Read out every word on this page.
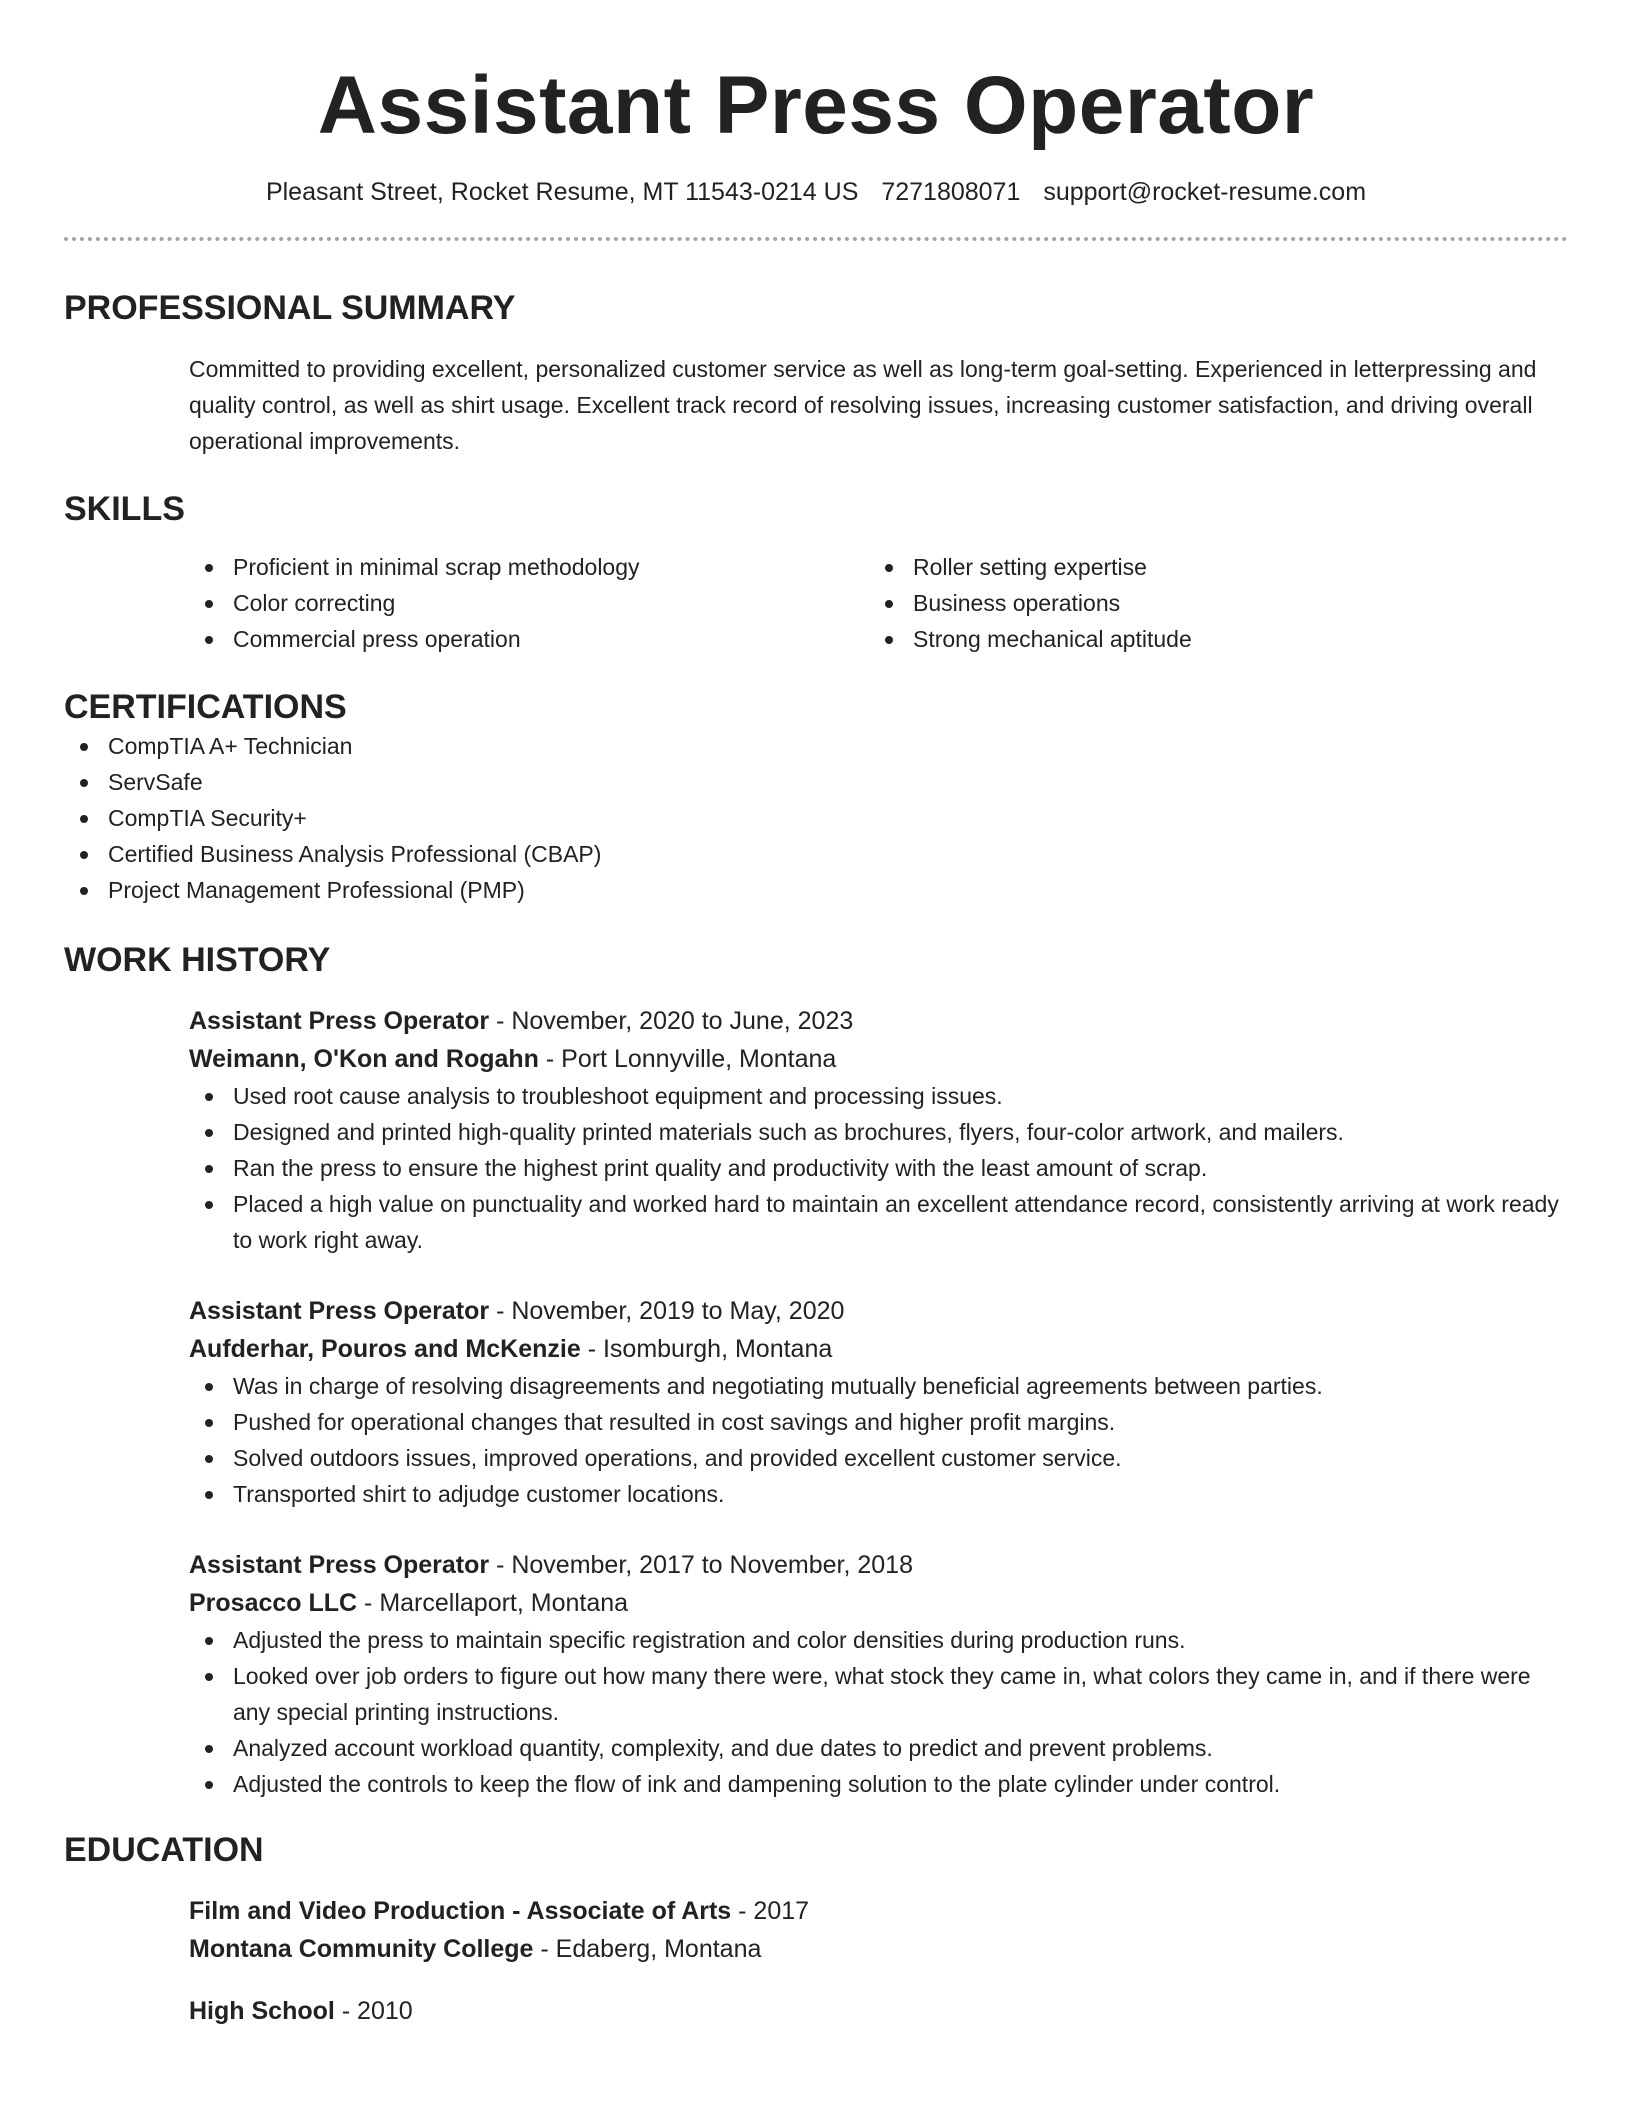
Assistant Press Operator
Pleasant Street, Rocket Resume, MT 11543-0214 US 7271808071 support@rocket-resume.com
PROFESSIONAL SUMMARY
Committed to providing excellent, personalized customer service as well as long-term goal-setting. Experienced in letterpressing and quality control, as well as shirt usage. Excellent track record of resolving issues, increasing customer satisfaction, and driving overall operational improvements.
SKILLS
Proficient in minimal scrap methodology
Color correcting
Commercial press operation
Roller setting expertise
Business operations
Strong mechanical aptitude
CERTIFICATIONS
CompTIA A+ Technician
ServSafe
CompTIA Security+
Certified Business Analysis Professional (CBAP)
Project Management Professional (PMP)
WORK HISTORY
Assistant Press Operator - November, 2020 to June, 2023
Weimann, O'Kon and Rogahn - Port Lonnyville, Montana
Used root cause analysis to troubleshoot equipment and processing issues.
Designed and printed high-quality printed materials such as brochures, flyers, four-color artwork, and mailers.
Ran the press to ensure the highest print quality and productivity with the least amount of scrap.
Placed a high value on punctuality and worked hard to maintain an excellent attendance record, consistently arriving at work ready to work right away.
Assistant Press Operator - November, 2019 to May, 2020
Aufderhar, Pouros and McKenzie - Isomburgh, Montana
Was in charge of resolving disagreements and negotiating mutually beneficial agreements between parties.
Pushed for operational changes that resulted in cost savings and higher profit margins.
Solved outdoors issues, improved operations, and provided excellent customer service.
Transported shirt to adjudge customer locations.
Assistant Press Operator - November, 2017 to November, 2018
Prosacco LLC - Marcellaport, Montana
Adjusted the press to maintain specific registration and color densities during production runs.
Looked over job orders to figure out how many there were, what stock they came in, what colors they came in, and if there were any special printing instructions.
Analyzed account workload quantity, complexity, and due dates to predict and prevent problems.
Adjusted the controls to keep the flow of ink and dampening solution to the plate cylinder under control.
EDUCATION
Film and Video Production - Associate of Arts - 2017
Montana Community College - Edaberg, Montana
High School - 2010
